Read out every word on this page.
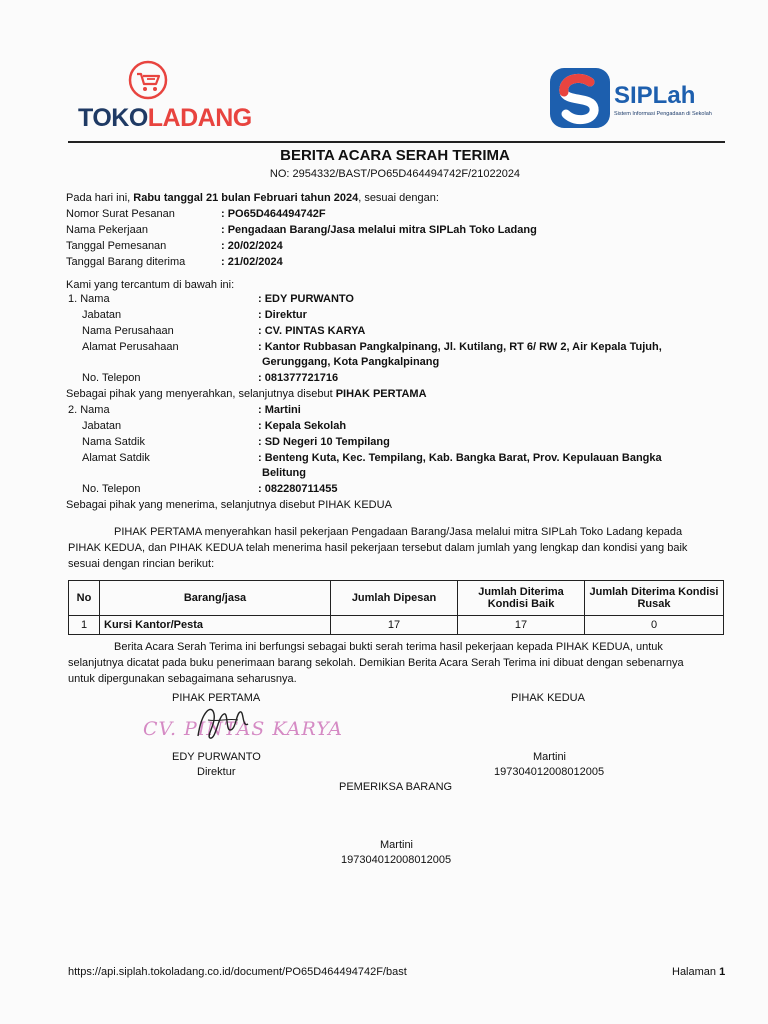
TOKOLADANG
SIPLah
Sistem Informasi Pengadaan di Sekolah
BERITA ACARA SERAH TERIMA
NO: 2954332/BAST/PO65D464494742F/21022024
Pada hari ini, Rabu tanggal 21 bulan Februari tahun 2024, sesuai dengan:
Nomor Surat Pesanan	: PO65D464494742F
Nama Pekerjaan	: Pengadaan Barang/Jasa melalui mitra SIPLah Toko Ladang
Tanggal Pemesanan	: 20/02/2024
Tanggal Barang diterima	: 21/02/2024
Kami yang tercantum di bawah ini:
1. Nama	: EDY PURWANTO
Jabatan	: Direktur
Nama Perusahaan	: CV. PINTAS KARYA
Alamat Perusahaan	: Kantor Rubbasan Pangkalpinang, Jl. Kutilang, RT 6/ RW 2, Air Kepala Tujuh,
Gerunggang, Kota Pangkalpinang
No. Telepon	: 081377721716
Sebagai pihak yang menyerahkan, selanjutnya disebut PIHAK PERTAMA
2. Nama	: Martini
Jabatan	: Kepala Sekolah
Nama Satdik	: SD Negeri 10 Tempilang
Alamat Satdik	: Benteng Kuta, Kec. Tempilang, Kab. Bangka Barat, Prov. Kepulauan Bangka
Belitung
No. Telepon	: 082280711455
Sebagai pihak yang menerima, selanjutnya disebut PIHAK KEDUA
PIHAK PERTAMA menyerahkan hasil pekerjaan Pengadaan Barang/Jasa melalui mitra SIPLah Toko Ladang kepada PIHAK KEDUA, dan PIHAK KEDUA telah menerima hasil pekerjaan tersebut dalam jumlah yang lengkap dan kondisi yang baik sesuai dengan rincian berikut:
No	Barang/jasa	Jumlah Dipesan	Jumlah Diterima Kondisi Baik	Jumlah Diterima Kondisi Rusak
1	Kursi Kantor/Pesta	17	17	0
Berita Acara Serah Terima ini berfungsi sebagai bukti serah terima hasil pekerjaan kepada PIHAK KEDUA, untuk selanjutnya dicatat pada buku penerimaan barang sekolah. Demikian Berita Acara Serah Terima ini dibuat dengan sebenarnya untuk dipergunakan sebagaimana seharusnya.
PIHAK PERTAMA
CV. PINTAS KARYA
EDY PURWANTO
Direktur
PIHAK KEDUA
Martini
197304012008012005
PEMERIKSA BARANG
Martini
197304012008012005
https://api.siplah.tokoladang.co.id/document/PO65D464494742F/bast	Halaman 1
